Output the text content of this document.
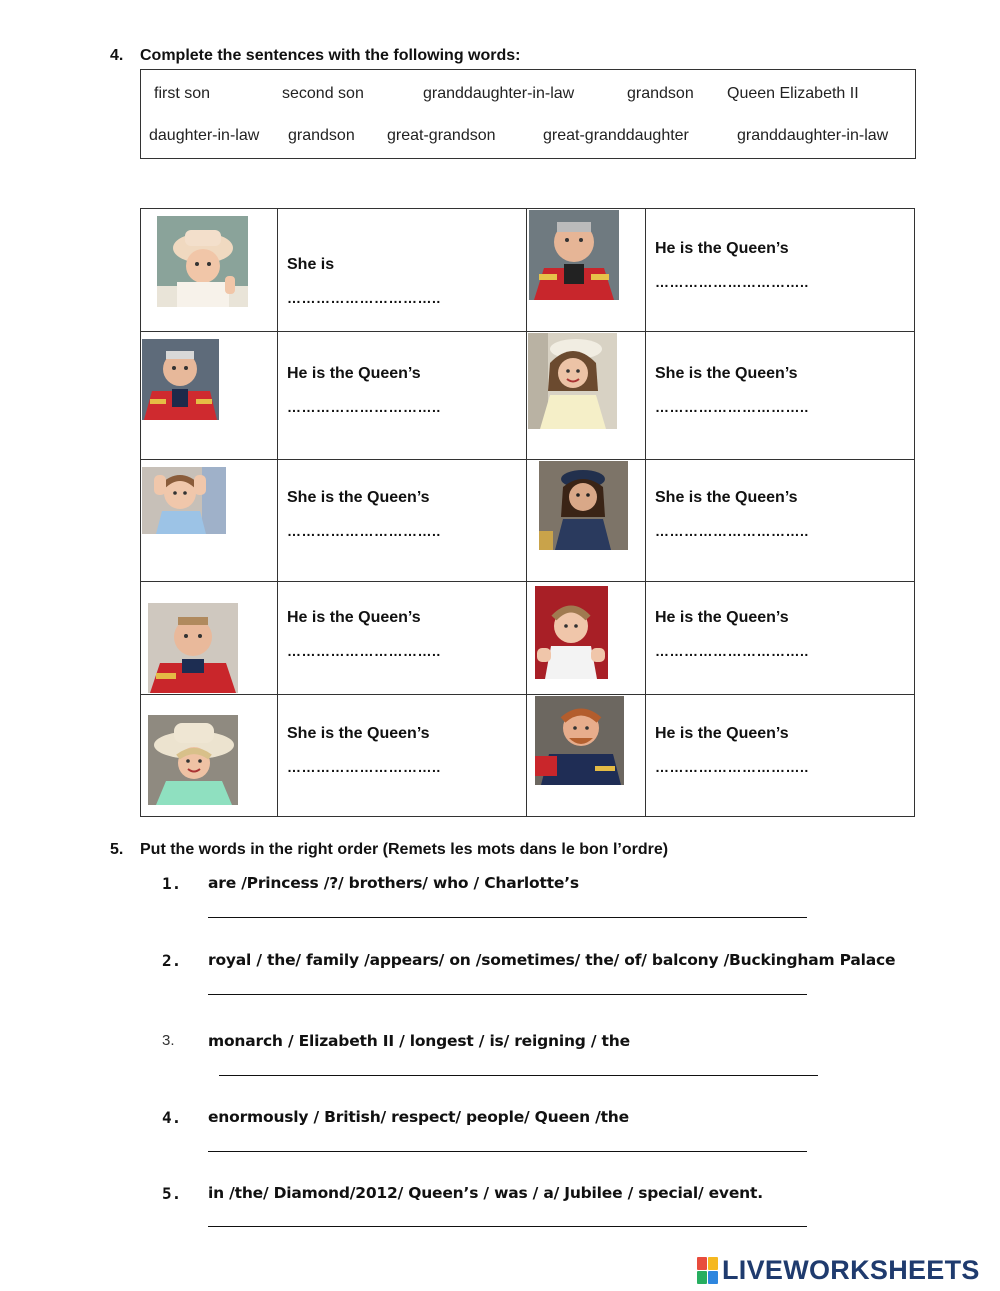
4. Complete the sentences with the following words:
first son	second son	granddaughter-in-law	grandson Queen Elizabeth II
daughter-in-law grandson great-grandson	great-granddaughter	granddaughter-in-law

She is
…………………………..		He is the Queen’s
…………………………..

He is the Queen’s
…………………………..		She is the Queen’s
…………………………..

She is the Queen’s
…………………………..		She is the Queen’s
…………………………..

He is the Queen’s
…………………………..		He is the Queen’s
…………………………..

She is the Queen’s
…………………………..		He is the Queen’s
…………………………..
5. Put the words in the right order (Remets les mots dans le bon l’ordre)
1. are /Princess /?/ brothers/ who / Charlotte’s
2. royal / the/ family /appears/ on /sometimes/ the/ of/ balcony /Buckingham Palace
3. monarch / Elizabeth II / longest / is/ reigning / the
4. enormously / British/ respect/ people/ Queen /the
5. in /the/ Diamond/2012/ Queen’s / was / a/ Jubilee / special/ event.
LIVEWORKSHEETS
